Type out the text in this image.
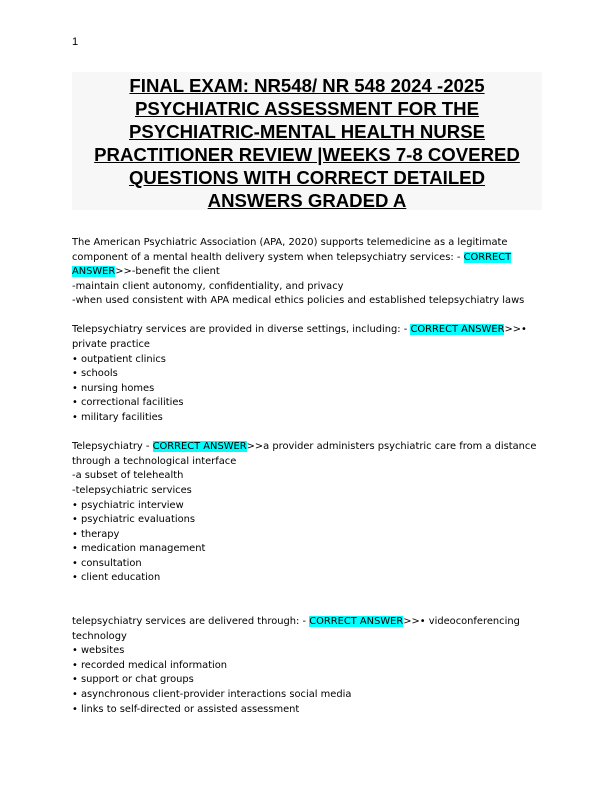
1
FINAL EXAM: NR548/ NR 548 2024 -2025
PSYCHIATRIC ASSESSMENT FOR THE
PSYCHIATRIC-MENTAL HEALTH NURSE
PRACTITIONER REVIEW |WEEKS 7-8 COVERED
QUESTIONS WITH CORRECT DETAILED
ANSWERS GRADED A
The American Psychiatric Association (APA, 2020) supports telemedicine as a legitimate
component of a mental health delivery system when telepsychiatry services: - CORRECT
ANSWER>>-benefit the client
-maintain client autonomy, confidentiality, and privacy
-when used consistent with APA medical ethics policies and established telepsychiatry laws
Telepsychiatry services are provided in diverse settings, including: - CORRECT ANSWER>>•
private practice
• outpatient clinics
• schools
• nursing homes
• correctional facilities
• military facilities
Telepsychiatry - CORRECT ANSWER>>a provider administers psychiatric care from a distance
through a technological interface
-a subset of telehealth
-telepsychiatric services
• psychiatric interview
• psychiatric evaluations
• therapy
• medication management
• consultation
• client education
telepsychiatry services are delivered through: - CORRECT ANSWER>>• videoconferencing
technology
• websites
• recorded medical information
• support or chat groups
• asynchronous client-provider interactions social media
• links to self-directed or assisted assessment
